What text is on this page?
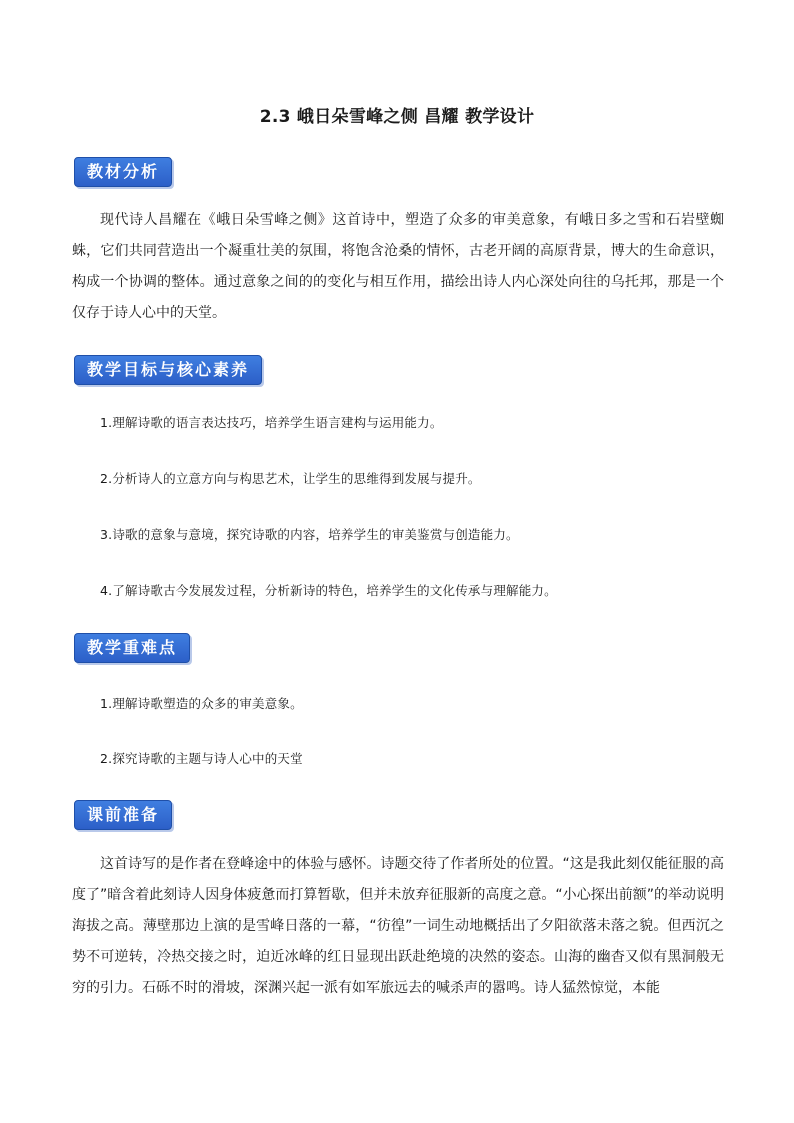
2.3 峨日朵雪峰之侧 昌耀 教学设计
教材分析
现代诗人昌耀在《峨日朵雪峰之侧》这首诗中，塑造了众多的审美意象，有峨日多之雪和石岩壁蜘蛛，它们共同营造出一个凝重壮美的氛围，将饱含沧桑的情怀，古老开阔的高原背景，博大的生命意识，构成一个协调的整体。通过意象之间的的变化与相互作用，描绘出诗人内心深处向往的乌托邦，那是一个仅存于诗人心中的天堂。
教学目标与核心素养
1.理解诗歌的语言表达技巧，培养学生语言建构与运用能力。
2.分析诗人的立意方向与构思艺术，让学生的思维得到发展与提升。
3.诗歌的意象与意境，探究诗歌的内容，培养学生的审美鉴赏与创造能力。
4.了解诗歌古今发展发过程，分析新诗的特色，培养学生的文化传承与理解能力。
教学重难点
1.理解诗歌塑造的众多的审美意象。
2.探究诗歌的主题与诗人心中的天堂
课前准备
这首诗写的是作者在登峰途中的体验与感怀。诗题交待了作者所处的位置。“这是我此刻仅能征服的高度了”暗含着此刻诗人因身体疲惫而打算暂歇，但并未放弃征服新的高度之意。“小心探出前额”的举动说明海拔之高。薄壁那边上演的是雪峰日落的一幕，“彷徨”一词生动地概括出了夕阳欲落未落之貌。但西沉之势不可逆转，冷热交接之时，迫近冰峰的红日显现出跃赴绝境的决然的姿态。山海的幽杳又似有黑洞般无穷的引力。石砾不时的滑坡，深渊兴起一派有如军旅远去的喊杀声的嚣鸣。诗人猛然惊觉，本能
